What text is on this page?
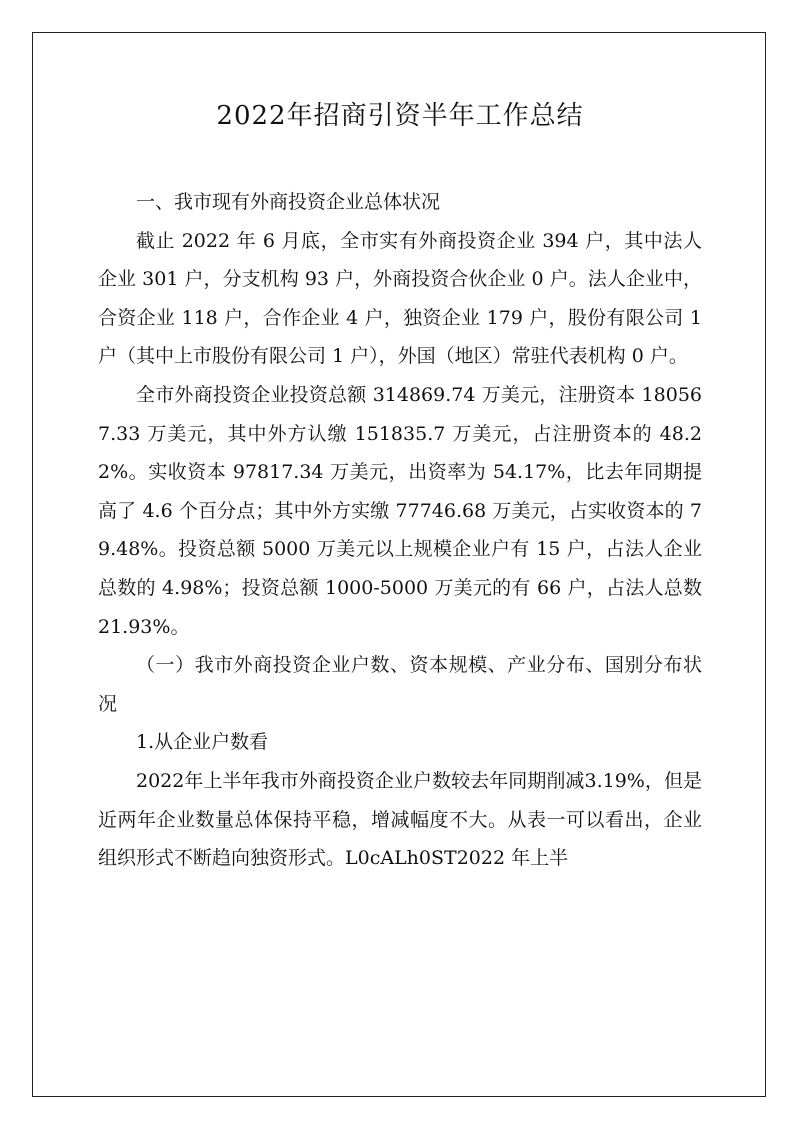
2022年招商引资半年工作总结

一、我市现有外商投资企业总体状况

截止 2022 年 6 月底，全市实有外商投资企业 394 户，其中法人企业 301 户，分支机构 93 户，外商投资合伙企业 0 户。法人企业中，合资企业 118 户，合作企业 4 户，独资企业 179 户，股份有限公司 1 户（其中上市股份有限公司 1 户），外国（地区）常驻代表机构 0 户。

全市外商投资企业投资总额 314869.74 万美元，注册资本 180567.33 万美元，其中外方认缴 151835.7 万美元，占注册资本的 48.22%。实收资本 97817.34 万美元，出资率为 54.17%，比去年同期提高了 4.6 个百分点；其中外方实缴 77746.68 万美元，占实收资本的 79.48%。投资总额 5000 万美元以上规模企业户有 15 户，占法人企业总数的 4.98%；投资总额 1000-5000 万美元的有 66 户，占法人总数 21.93%。

（一）我市外商投资企业户数、资本规模、产业分布、国别分布状况

1.从企业户数看

2022年上半年我市外商投资企业户数较去年同期削减3.19%，但是近两年企业数量总体保持平稳，增减幅度不大。从表一可以看出，企业组织形式不断趋向独资形式。L0cALh0ST2022 年上半
